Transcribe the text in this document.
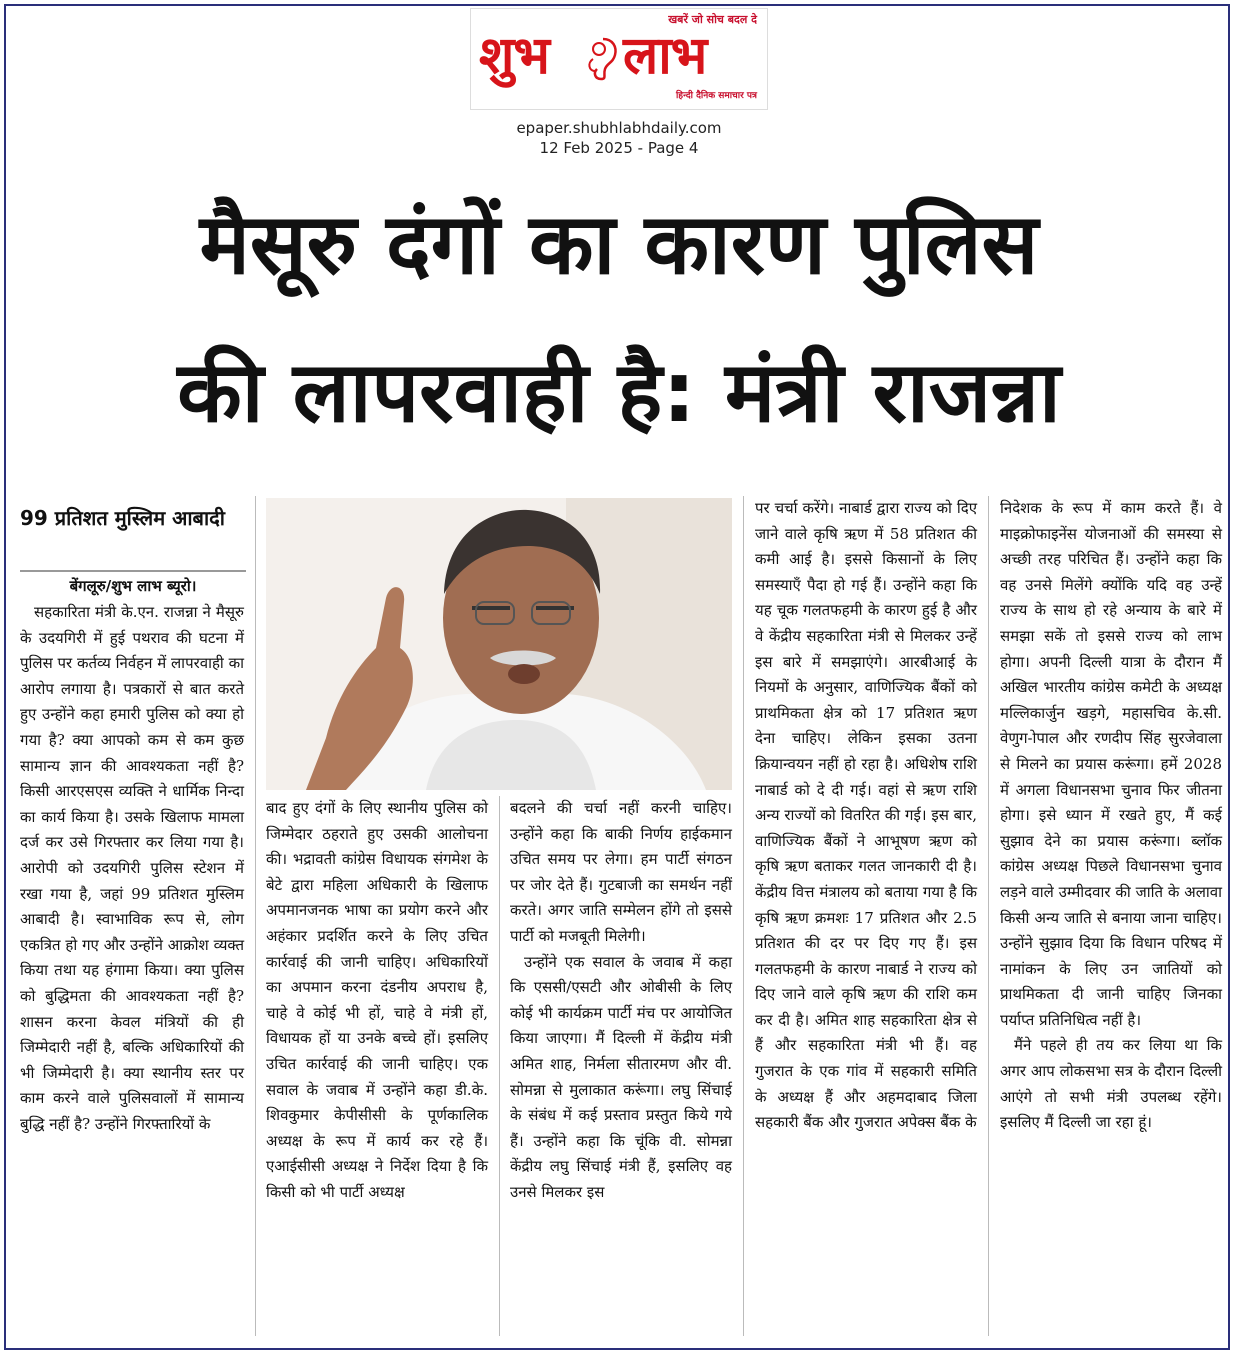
खबरें जो सोच बदल दे
शुभ लाभ
हिन्दी दैनिक समाचार पत्र
epaper.shubhlabhdaily.com
12 Feb 2025 - Page 4
मैसूरु दंगों का कारण पुलिस
की लापरवाही है: मंत्री राजन्ना
99 प्रतिशत मुस्लिम आबादी
बेंगलूरु/शुभ लाभ ब्यूरो।

सहकारिता मंत्री के.एन. राजन्ना ने मैसूरु के उदयगिरी में हुई पथराव की घटना में पुलिस पर कर्तव्य निर्वहन में लापरवाही का आरोप लगाया है। पत्रकारों से बात करते हुए उन्होंने कहा हमारी पुलिस को क्या हो गया है? क्या आपको कम से कम कुछ सामान्य ज्ञान की आवश्यकता नहीं है? किसी आरएसएस व्यक्ति ने धार्मिक निन्दा का कार्य किया है। उसके खिलाफ मामला दर्ज कर उसे गिरफ्तार कर लिया गया है। आरोपी को उदयगिरी पुलिस स्टेशन में रखा गया है, जहां 99 प्रतिशत मुस्लिम आबादी है। स्वाभाविक रूप से, लोग एकत्रित हो गए और उन्होंने आक्रोश व्यक्त किया तथा यह हंगामा किया। क्या पुलिस को बुद्धिमता की आवश्यकता नहीं है? शासन करना केवल मंत्रियों की ही जिम्मेदारी नहीं है, बल्कि अधिकारियों की भी जिम्मेदारी है। क्या स्थानीय स्तर पर काम करने वाले पुलिसवालों में सामान्य बुद्धि नहीं है? उन्होंने गिरफ्तारियों के

बाद हुए दंगों के लिए स्थानीय पुलिस को जिम्मेदार ठहराते हुए उसकी आलोचना की। भद्रावती कांग्रेस विधायक संगमेश के बेटे द्वारा महिला अधिकारी के खिलाफ अपमानजनक भाषा का प्रयोग करने और अहंकार प्रदर्शित करने के लिए उचित कार्रवाई की जानी चाहिए। अधिकारियों का अपमान करना दंडनीय अपराध है, चाहे वे कोई भी हों, चाहे वे मंत्री हों, विधायक हों या उनके बच्चे हों। इसलिए उचित कार्रवाई की जानी चाहिए। एक सवाल के जवाब में उन्होंने कहा डी.के. शिवकुमार केपीसीसी के पूर्णकालिक अध्यक्ष के रूप में कार्य कर रहे हैं। एआईसीसी अध्यक्ष ने निर्देश दिया है कि किसी को भी पार्टी अध्यक्ष

बदलने की चर्चा नहीं करनी चाहिए। उन्होंने कहा कि बाकी निर्णय हाईकमान उचित समय पर लेगा। हम पार्टी संगठन पर जोर देते हैं। गुटबाजी का समर्थन नहीं करते। अगर जाति सम्मेलन होंगे तो इससे पार्टी को मजबूती मिलेगी।

उन्होंने एक सवाल के जवाब में कहा कि एससी/एसटी और ओबीसी के लिए कोई भी कार्यक्रम पार्टी मंच पर आयोजित किया जाएगा। मैं दिल्ली में केंद्रीय मंत्री अमित शाह, निर्मला सीतारमण और वी. सोमन्ना से मुलाकात करूंगा। लघु सिंचाई के संबंध में कई प्रस्ताव प्रस्तुत किये गये हैं। उन्होंने कहा कि चूंकि वी. सोमन्ना केंद्रीय लघु सिंचाई मंत्री हैं, इसलिए वह उनसे मिलकर इस

पर चर्चा करेंगे। नाबार्ड द्वारा राज्य को दिए जाने वाले कृषि ऋण में 58 प्रतिशत की कमी आई है। इससे किसानों के लिए समस्याएँ पैदा हो गई हैं। उन्होंने कहा कि यह चूक गलतफहमी के कारण हुई है और वे केंद्रीय सहकारिता मंत्री से मिलकर उन्हें इस बारे में समझाएंगे। आरबीआई के नियमों के अनुसार, वाणिज्यिक बैंकों को प्राथमिकता क्षेत्र को 17 प्रतिशत ऋण देना चाहिए। लेकिन इसका उतना क्रियान्वयन नहीं हो रहा है। अधिशेष राशि नाबार्ड को दे दी गई। वहां से ऋण राशि अन्य राज्यों को वितरित की गई। इस बार, वाणिज्यिक बैंकों ने आभूषण ऋण को कृषि ऋण बताकर गलत जानकारी दी है। केंद्रीय वित्त मंत्रालय को बताया गया है कि कृषि ऋण क्रमशः 17 प्रतिशत और 2.5 प्रतिशत की दर पर दिए गए हैं। इस गलतफहमी के कारण नाबार्ड ने राज्य को दिए जाने वाले कृषि ऋण की राशि कम कर दी है। अमित शाह सहकारिता क्षेत्र से हैं और सहकारिता मंत्री भी हैं। वह गुजरात के एक गांव में सहकारी समिति के अध्यक्ष हैं और अहमदाबाद जिला सहकारी बैंक और गुजरात अपेक्स बैंक के

निदेशक के रूप में काम करते हैं। वे माइक्रोफाइनेंस योजनाओं की समस्या से अच्छी तरह परिचित हैं। उन्होंने कहा कि वह उनसे मिलेंगे क्योंकि यदि वह उन्हें राज्य के साथ हो रहे अन्याय के बारे में समझा सकें तो इससे राज्य को लाभ होगा। अपनी दिल्ली यात्रा के दौरान मैं अखिल भारतीय कांग्रेस कमेटी के अध्यक्ष मल्लिकार्जुन खड़गे, महासचिव के.सी. वेणुग-ोपाल और रणदीप सिंह सुरजेवाला से मिलने का प्रयास करूंगा। हमें 2028 में अगला विधानसभा चुनाव फिर जीतना होगा। इसे ध्यान में रखते हुए, मैं कई सुझाव देने का प्रयास करूंगा। ब्लॉक कांग्रेस अध्यक्ष पिछले विधानसभा चुनाव लड़ने वाले उम्मीदवार की जाति के अलावा किसी अन्य जाति से बनाया जाना चाहिए। उन्होंने सुझाव दिया कि विधान परिषद में नामांकन के लिए उन जातियों को प्राथमिकता दी जानी चाहिए जिनका पर्याप्त प्रतिनिधित्व नहीं है।

मैंने पहले ही तय कर लिया था कि अगर आप लोकसभा सत्र के दौरान दिल्ली आएंगे तो सभी मंत्री उपलब्ध रहेंगे। इसलिए मैं दिल्ली जा रहा हूं।
